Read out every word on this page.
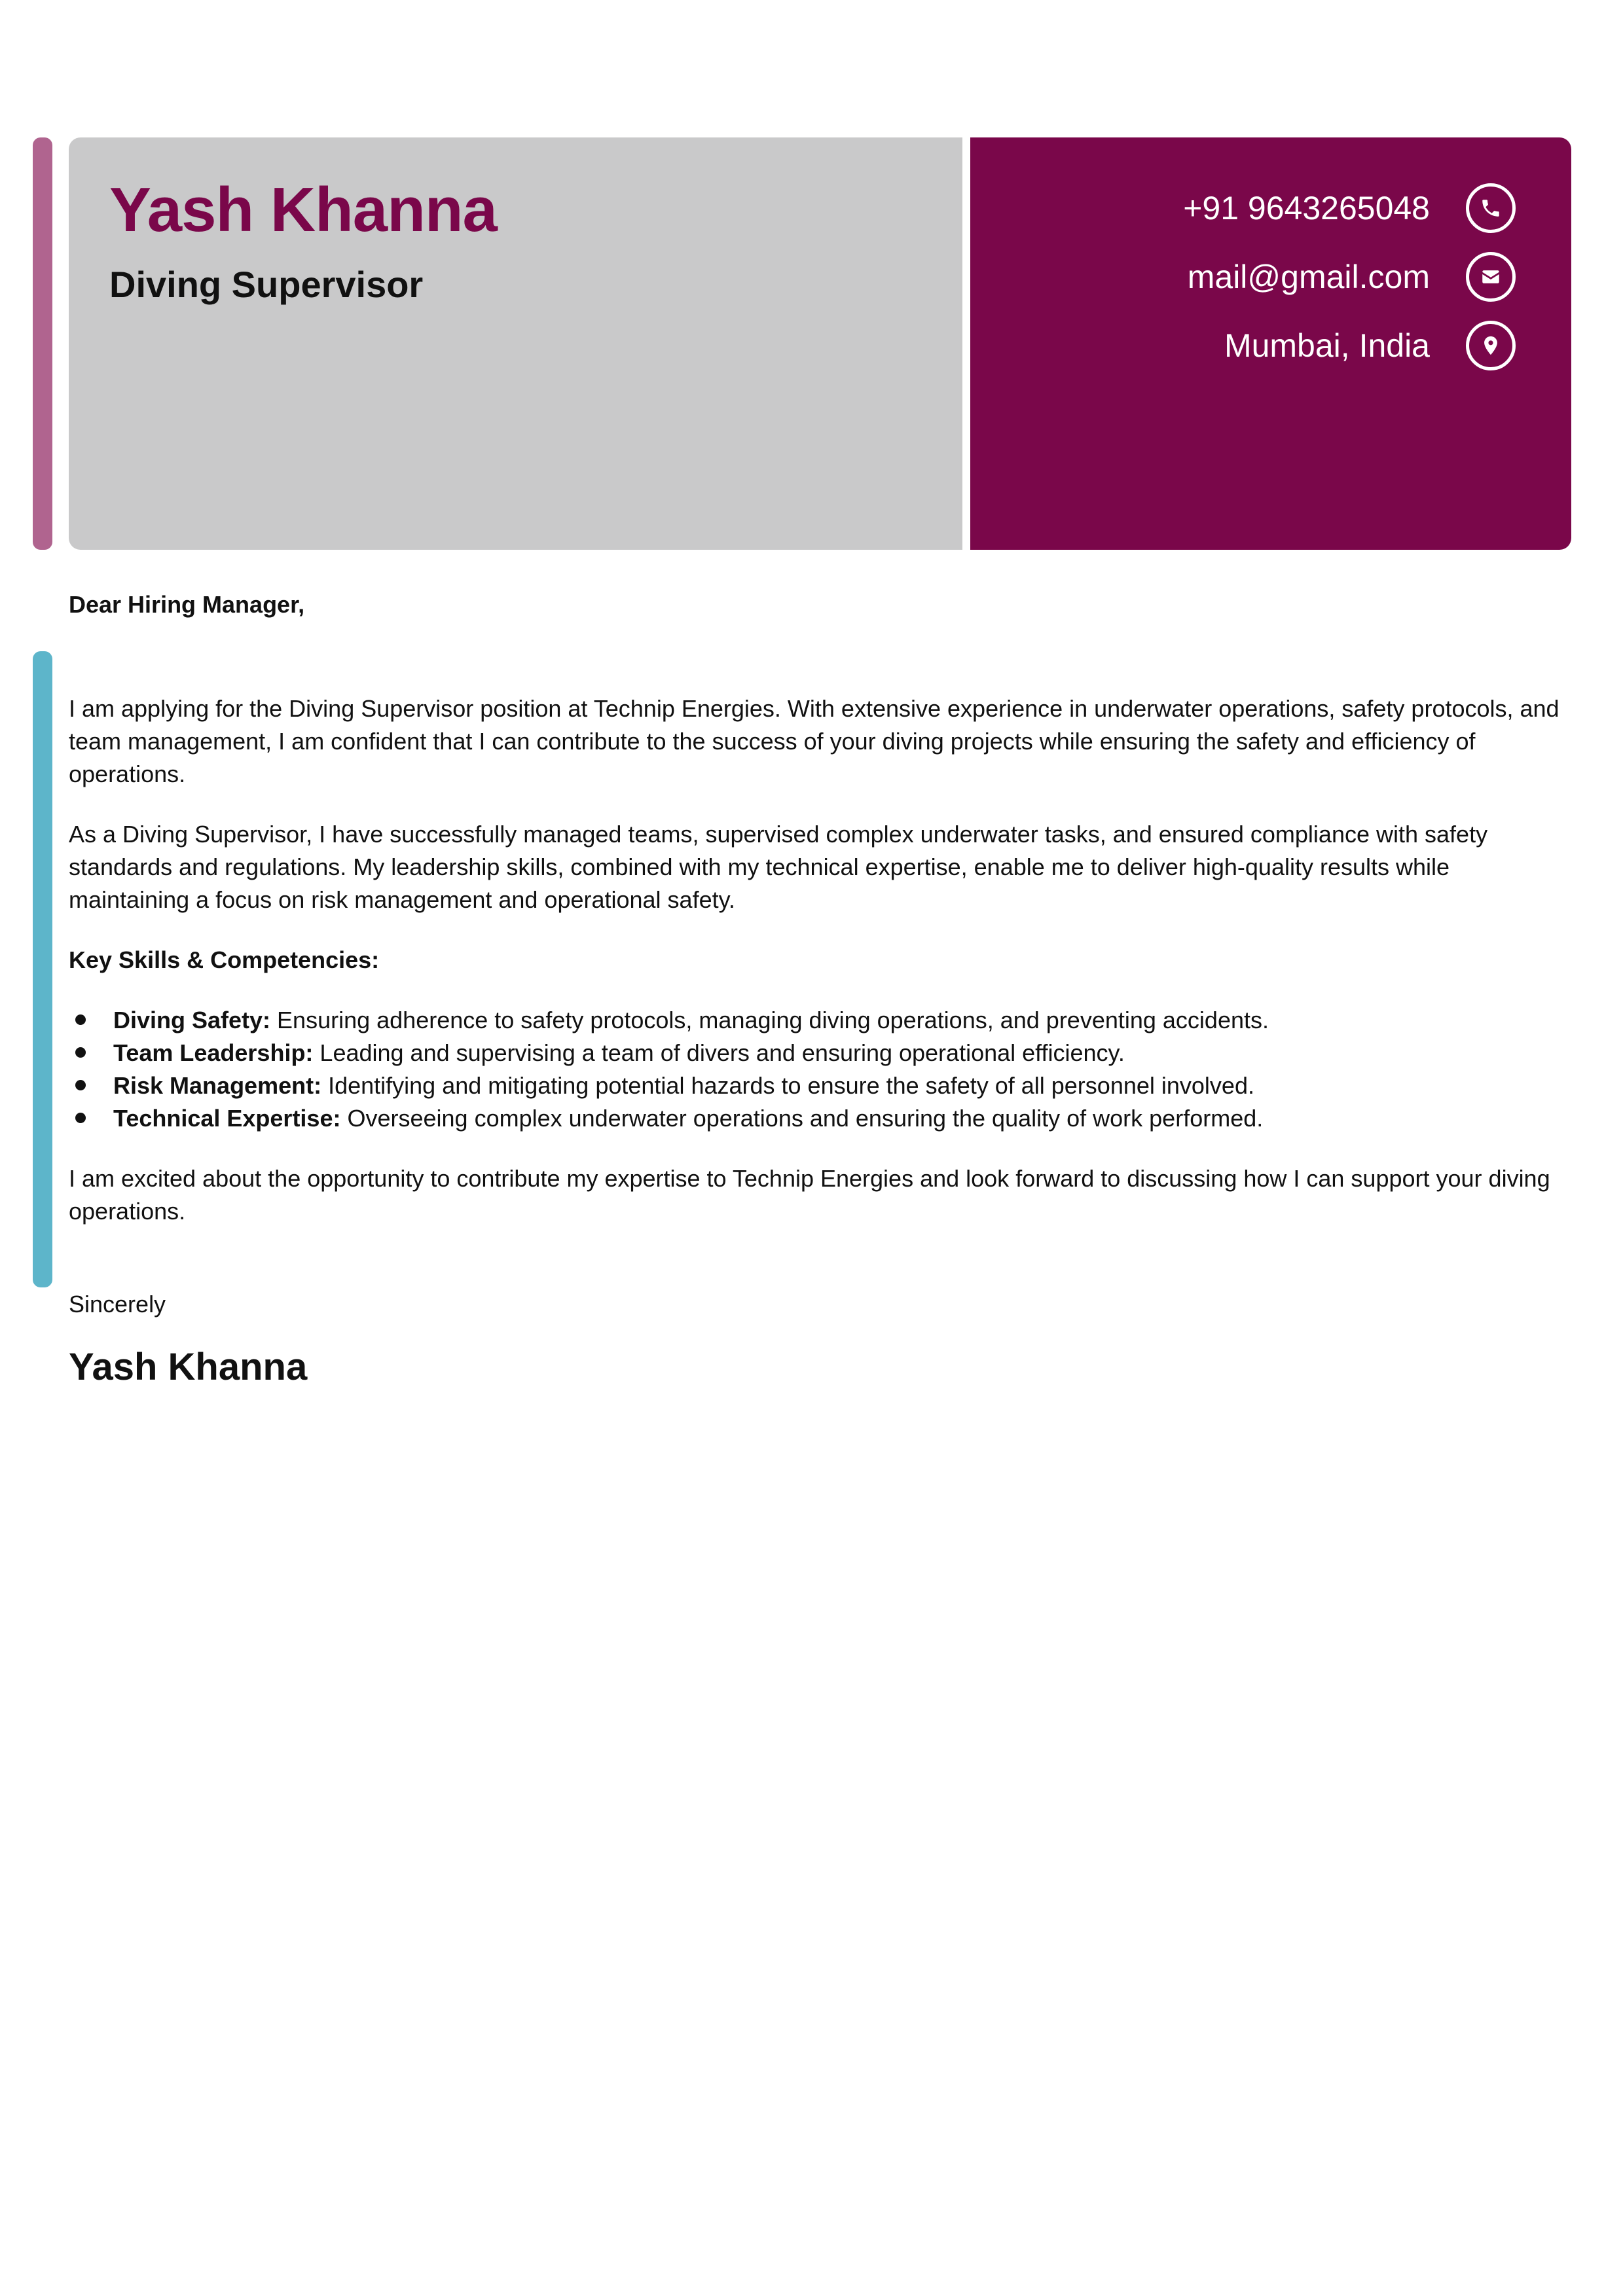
Yash Khanna
Diving Supervisor
+91 9643265048
mail@gmail.com
Mumbai, India
Dear Hiring Manager,

I am applying for the Diving Supervisor position at Technip Energies. With extensive experience in underwater operations, safety protocols, and team management, I am confident that I can contribute to the success of your diving projects while ensuring the safety and efficiency of operations.

As a Diving Supervisor, I have successfully managed teams, supervised complex underwater tasks, and ensured compliance with safety standards and regulations. My leadership skills, combined with my technical expertise, enable me to deliver high-quality results while maintaining a focus on risk management and operational safety.

Key Skills & Competencies:
Diving Safety: Ensuring adherence to safety protocols, managing diving operations, and preventing accidents.
Team Leadership: Leading and supervising a team of divers and ensuring operational efficiency.
Risk Management: Identifying and mitigating potential hazards to ensure the safety of all personnel involved.
Technical Expertise: Overseeing complex underwater operations and ensuring the quality of work performed.

I am excited about the opportunity to contribute my expertise to Technip Energies and look forward to discussing how I can support your diving operations.

Sincerely
Yash Khanna
